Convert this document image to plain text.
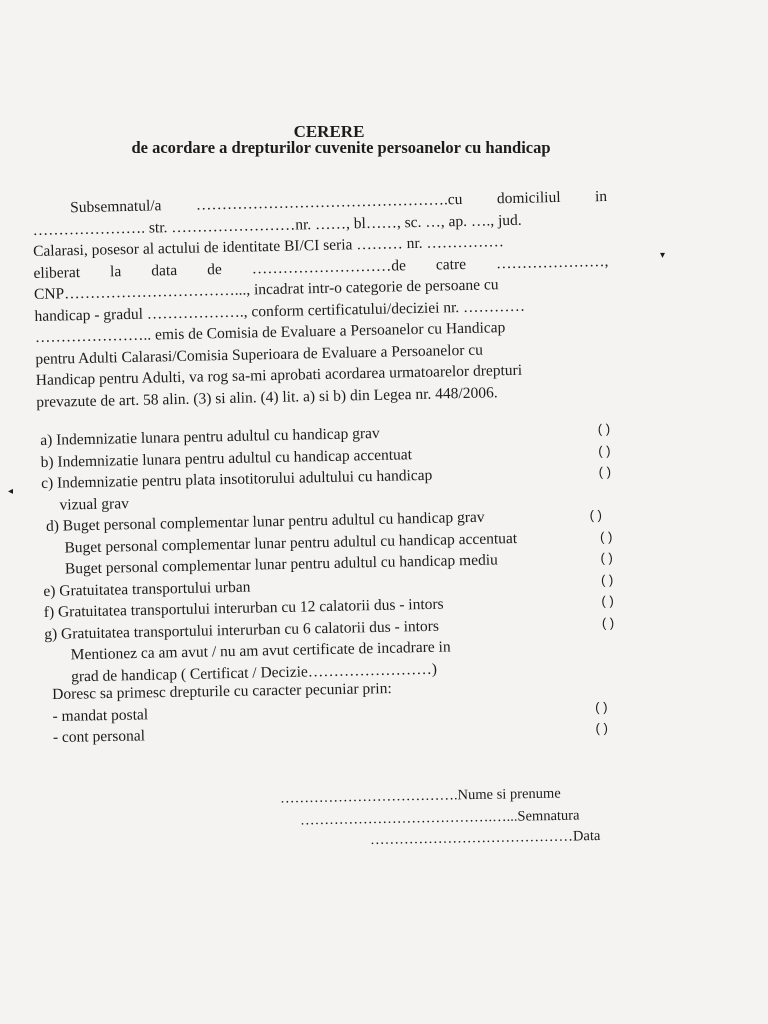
CERERE
de acordare a drepturilor cuvenite persoanelor cu handicap
Subsemnatul/a ………………………………………….cu domiciliul in
…………………. str. ……………………nr. ……, bl……, sc. …, ap. …., jud.
Calarasi, posesor al actului de identitate BI/CI seria ……… nr. ……………
eliberat la data de ………………………de catre …………………,
CNP……………………………..., incadrat intr-o categorie de persoane cu
handicap - gradul ………………., conform certificatului/deciziei nr. …………
………………….. emis de Comisia de Evaluare a Persoanelor cu Handicap
pentru Adulti Calarasi/Comisia Superioara de Evaluare a Persoanelor cu
Handicap pentru Adulti, va rog sa-mi aprobati acordarea urmatoarelor drepturi
prevazute de art. 58 alin. (3) si alin. (4) lit. a) si b) din Legea nr. 448/2006.
a) Indemnizatie lunara pentru adultul cu handicap grav	( )
b) Indemnizatie lunara pentru adultul cu handicap accentuat	( )
c) Indemnizatie pentru plata insotitorului adultului cu handicap	( )
vizual grav
d) Buget personal complementar lunar pentru adultul cu handicap grav	( )
Buget personal complementar lunar pentru adultul cu handicap accentuat	( )
Buget personal complementar lunar pentru adultul cu handicap mediu	( )
e) Gratuitatea transportului urban	( )
f) Gratuitatea transportului interurban cu 12 calatorii dus - intors	( )
g) Gratuitatea transportului interurban cu 6 calatorii dus - intors	( )
Mentionez ca am avut / nu am avut certificate de incadrare in
grad de handicap ( Certificat / Decizie……………………)
Doresc sa primesc drepturile cu caracter pecuniar prin:
- mandat postal	( )
- cont personal	( )
……………………………….Nume si prenume
………………………………….…...Semnatura
……………………………………Data
◂
▾
